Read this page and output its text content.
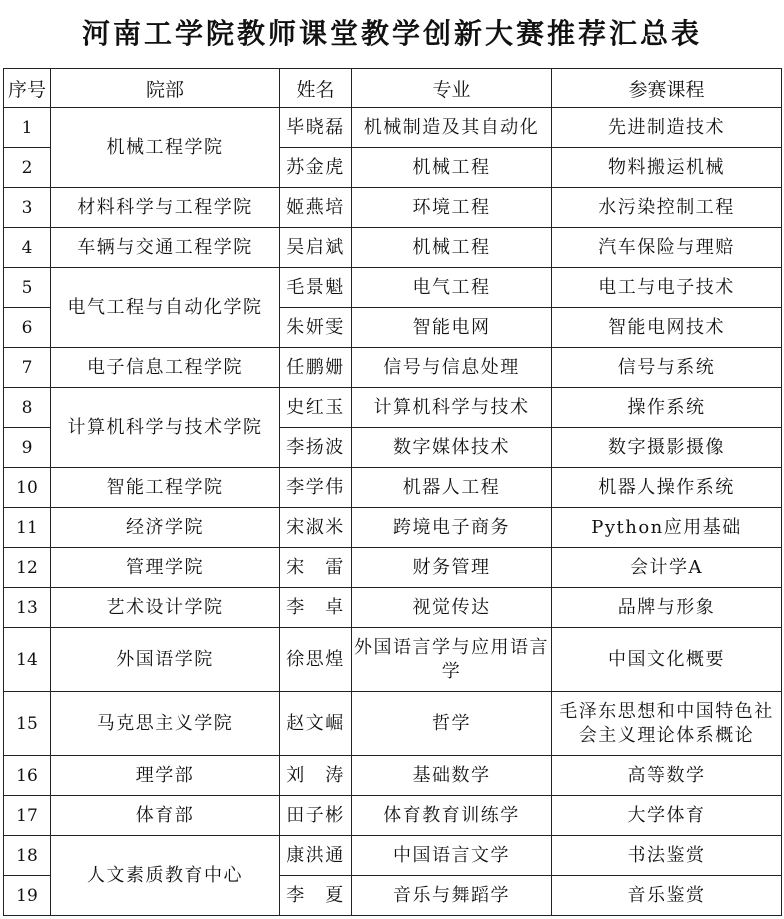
河南工学院教师课堂教学创新大赛推荐汇总表
序号	院部	姓名	专业	参赛课程
1	机械工程学院	毕晓磊	机械制造及其自动化	先进制造技术
2		苏金虎	机械工程	物料搬运机械
3	材料科学与工程学院	姬燕培	环境工程	水污染控制工程
4	车辆与交通工程学院	吴启斌	机械工程	汽车保险与理赔
5	电气工程与自动化学院	毛景魁	电气工程	电工与电子技术
6		朱妍雯	智能电网	智能电网技术
7	电子信息工程学院	任鹏姗	信号与信息处理	信号与系统
8	计算机科学与技术学院	史红玉	计算机科学与技术	操作系统
9		李扬波	数字媒体技术	数字摄影摄像
10	智能工程学院	李学伟	机器人工程	机器人操作系统
11	经济学院	宋淑米	跨境电子商务	Python应用基础
12	管理学院	宋　雷	财务管理	会计学A
13	艺术设计学院	李　卓	视觉传达	品牌与形象
14	外国语学院	徐思煌	外国语言学与应用语言学	中国文化概要
15	马克思主义学院	赵文崛	哲学	毛泽东思想和中国特色社会主义理论体系概论
16	理学部	刘　涛	基础数学	高等数学
17	体育部	田子彬	体育教育训练学	大学体育
18	人文素质教育中心	康洪通	中国语言文学	书法鉴赏
19		李　夏	音乐与舞蹈学	音乐鉴赏
